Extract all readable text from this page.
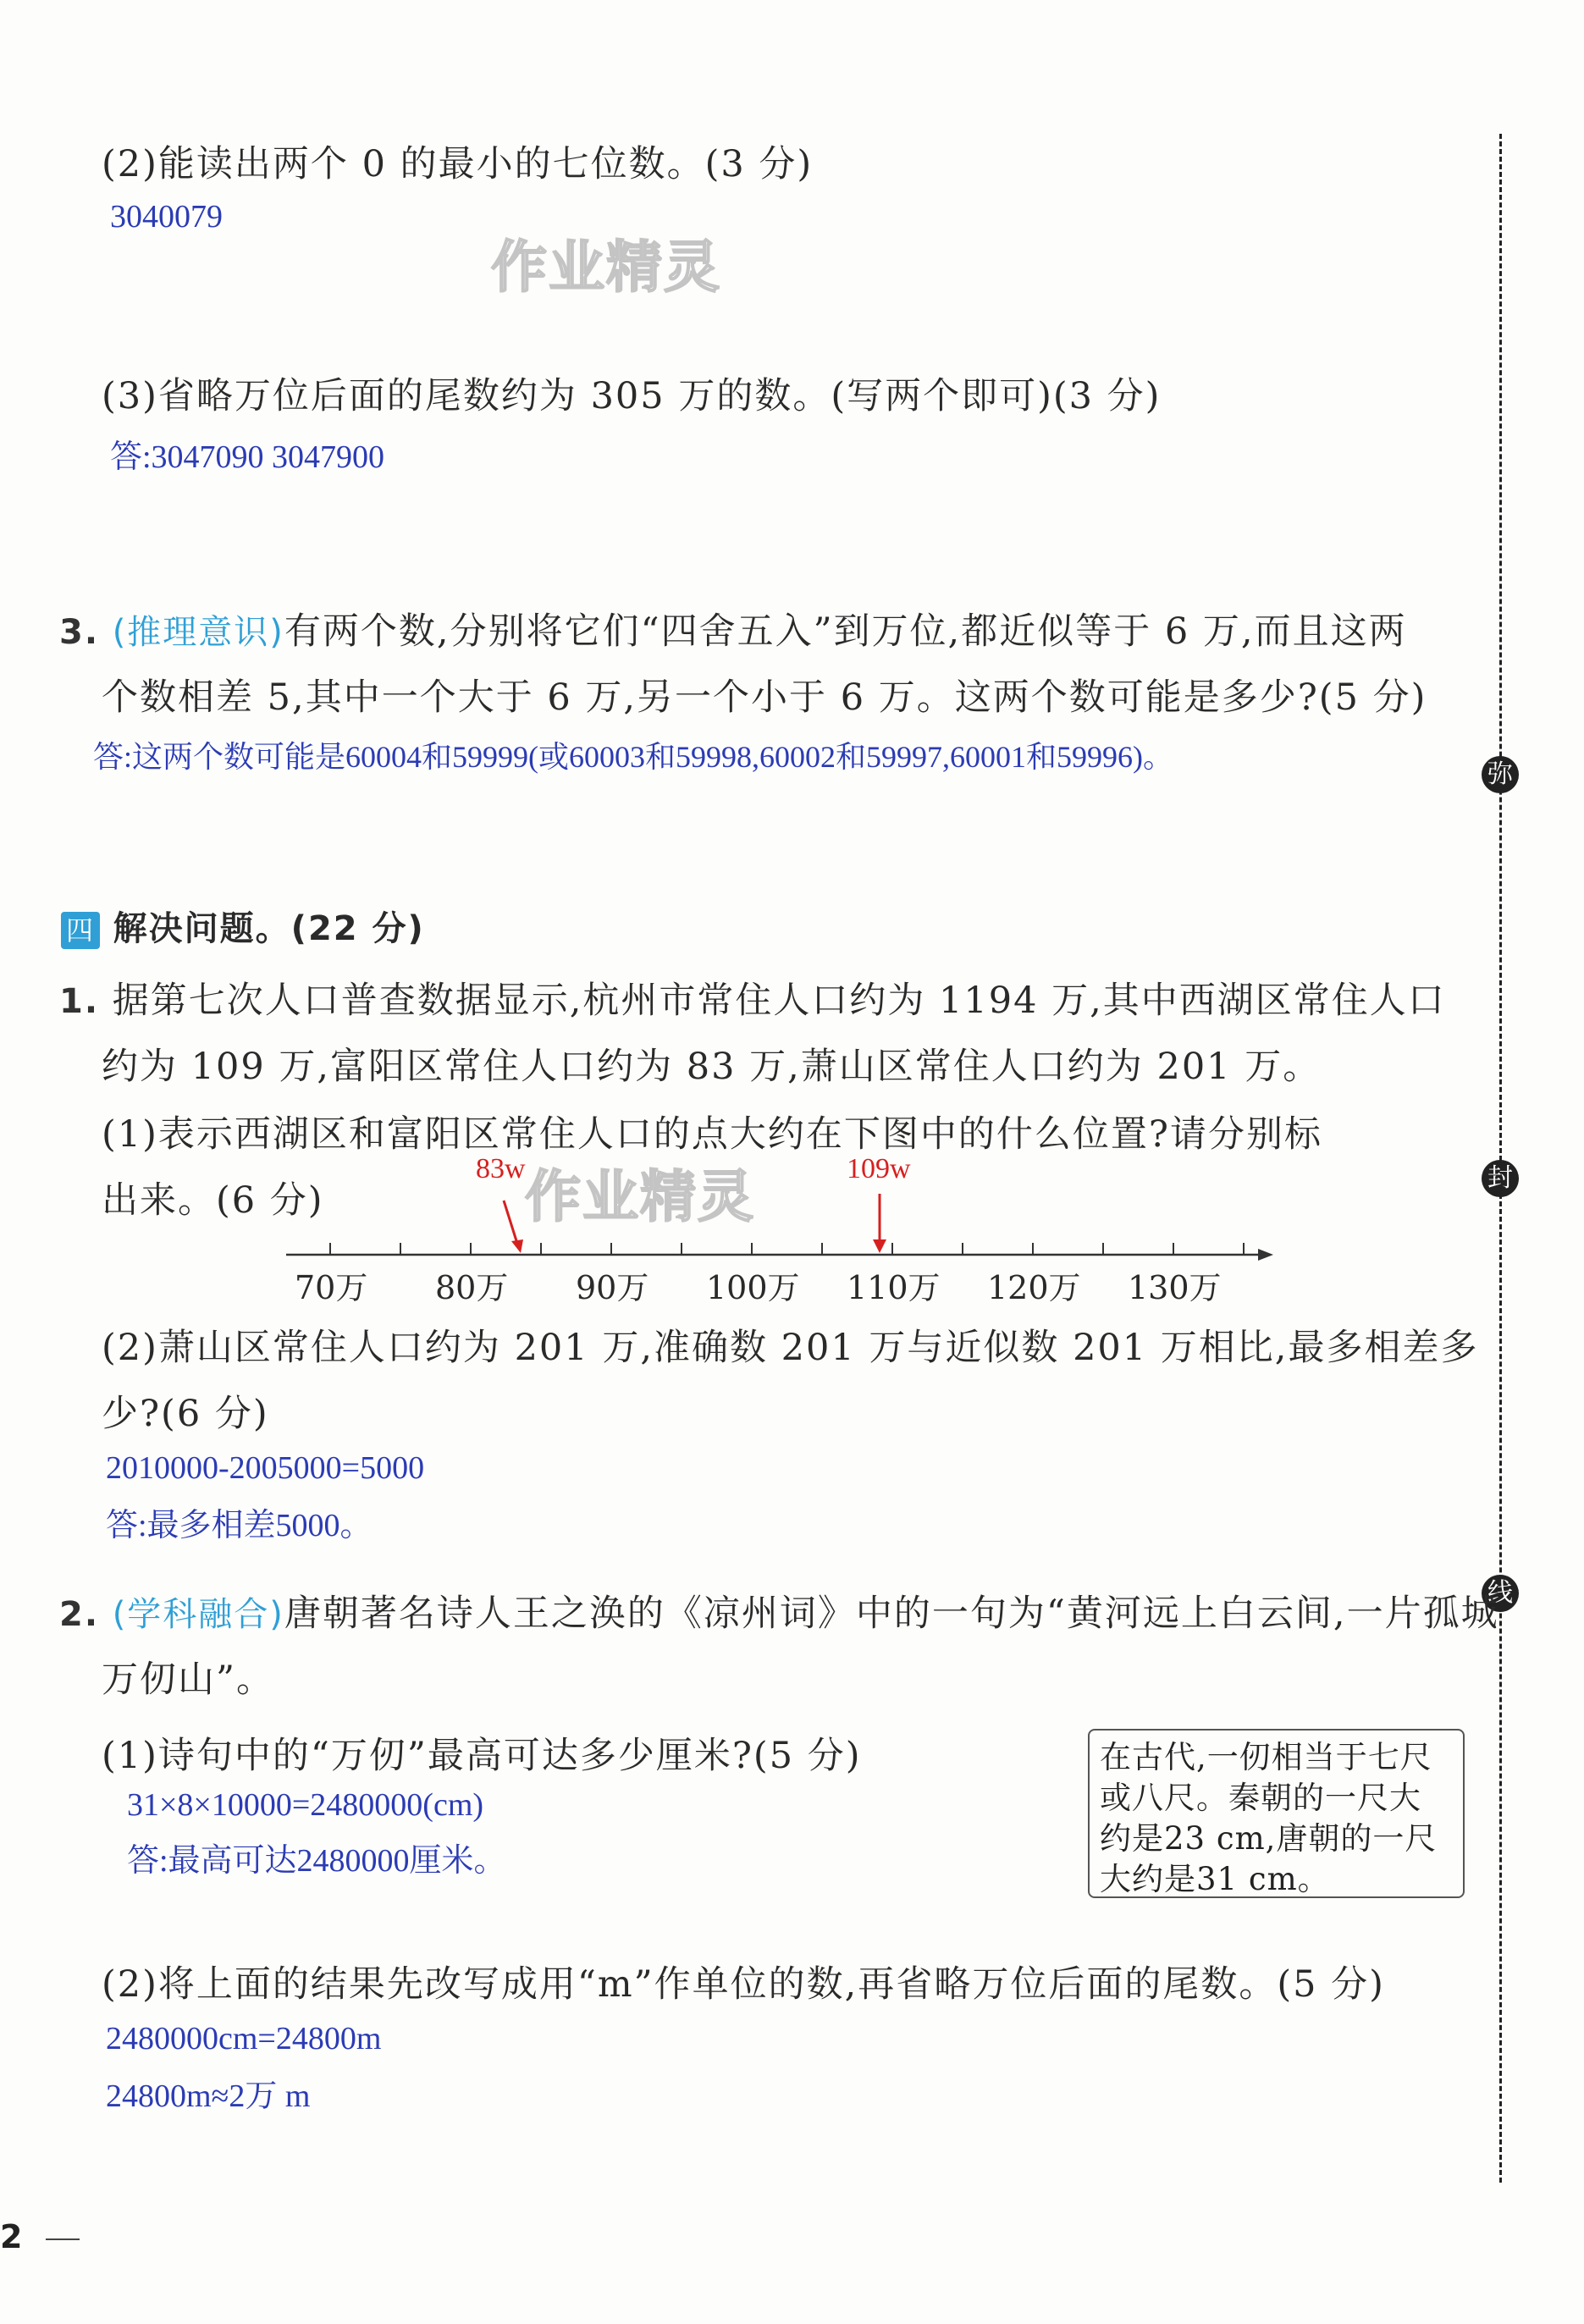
弥
封
线
(2)能读出两个 0 的最小的七位数。(3 分)
3040079
作业精灵
(3)省略万位后面的尾数约为 305 万的数。(写两个即可)(3 分)
答:3047090 3047900
3. (推理意识)有两个数,分别将它们“四舍五入”到万位,都近似等于 6 万,而且这两
个数相差 5,其中一个大于 6 万,另一个小于 6 万。这两个数可能是多少?(5 分)
答:这两个数可能是60004和59999(或60003和59998,60002和59997,60001和59996)。
四 解决问题。(22 分)
1. 据第七次人口普查数据显示,杭州市常住人口约为 1194 万,其中西湖区常住人口
约为 109 万,富阳区常住人口约为 83 万,萧山区常住人口约为 201 万。
(1)表示西湖区和富阳区常住人口的点大约在下图中的什么位置?请分别标
出来。(6 分)	作业精灵
83w	109w
70万 80万 90万 100万 110万 120万 130万
(2)萧山区常住人口约为 201 万,准确数 201 万与近似数 201 万相比,最多相差多
少?(6 分)
2010000-2005000=5000
答:最多相差5000。
2. (学科融合)唐朝著名诗人王之涣的《凉州词》中的一句为“黄河远上白云间,一片孤城
万仞山”。
(1)诗句中的“万仞”最高可达多少厘米?(5 分)
31×8×10000=2480000(cm)
答:最高可达2480000厘米。
在古代,一仞相当于七尺或八尺。秦朝的一尺大约是23 cm,唐朝的一尺大约是31 cm。
(2)将上面的结果先改写成用“m”作单位的数,再省略万位后面的尾数。(5 分)
2480000cm=24800m
24800m≈2万 m
2
